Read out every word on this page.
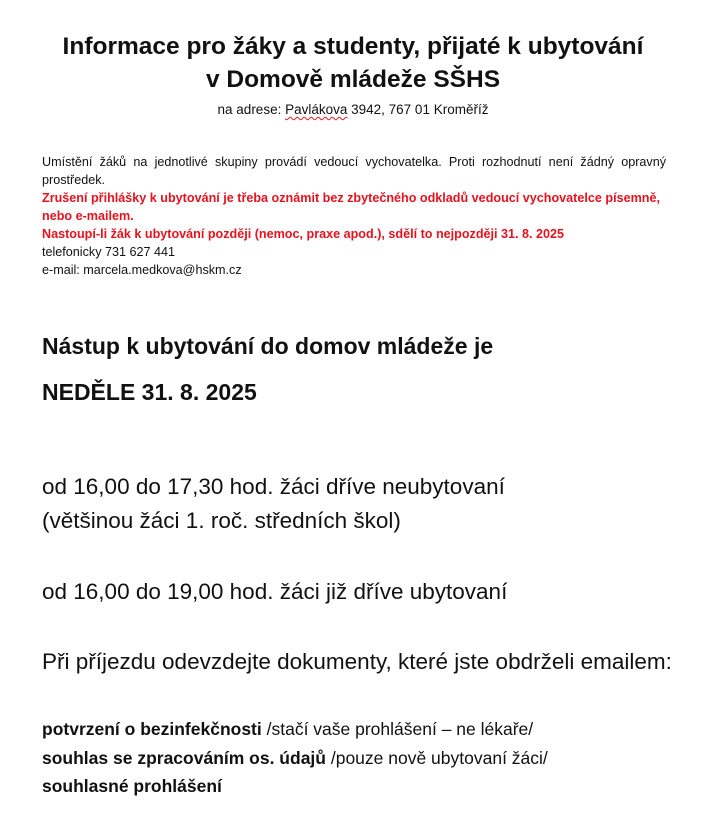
Informace pro žáky a studenty, přijaté k ubytování
v Domově mládeže SŠHS
na adrese: Pavlákova 3942, 767 01 Kroměříž

Umístění žáků na jednotlivé skupiny provádí vedoucí vychovatelka. Proti rozhodnutí není žádný opravný prostředek.

Zrušení přihlášky k ubytování je třeba oznámit bez zbytečného odkladů vedoucí vychovatelce písemně, nebo e-mailem.

Nastoupí-li žák k ubytování později (nemoc, praxe apod.), sdělí to nejpozději 31. 8. 2025

telefonicky 731 627 441

e-mail: marcela.medkova@hskm.cz

Nástup k ubytování do domov mládeže je
NEDĚLE 31. 8. 2025
od 16,00 do 17,30 hod. žáci dříve neubytovaní
(většinou žáci 1. roč. středních škol)
od 16,00 do 19,00 hod. žáci již dříve ubytovaní
Při příjezdu odevzdejte dokumenty, které jste obdrželi emailem:

potvrzení o bezinfekčnosti /stačí vaše prohlášení – ne lékaře/

souhlas se zpracováním os. údajů /pouze nově ubytovaní žáci/

souhlasné prohlášení
